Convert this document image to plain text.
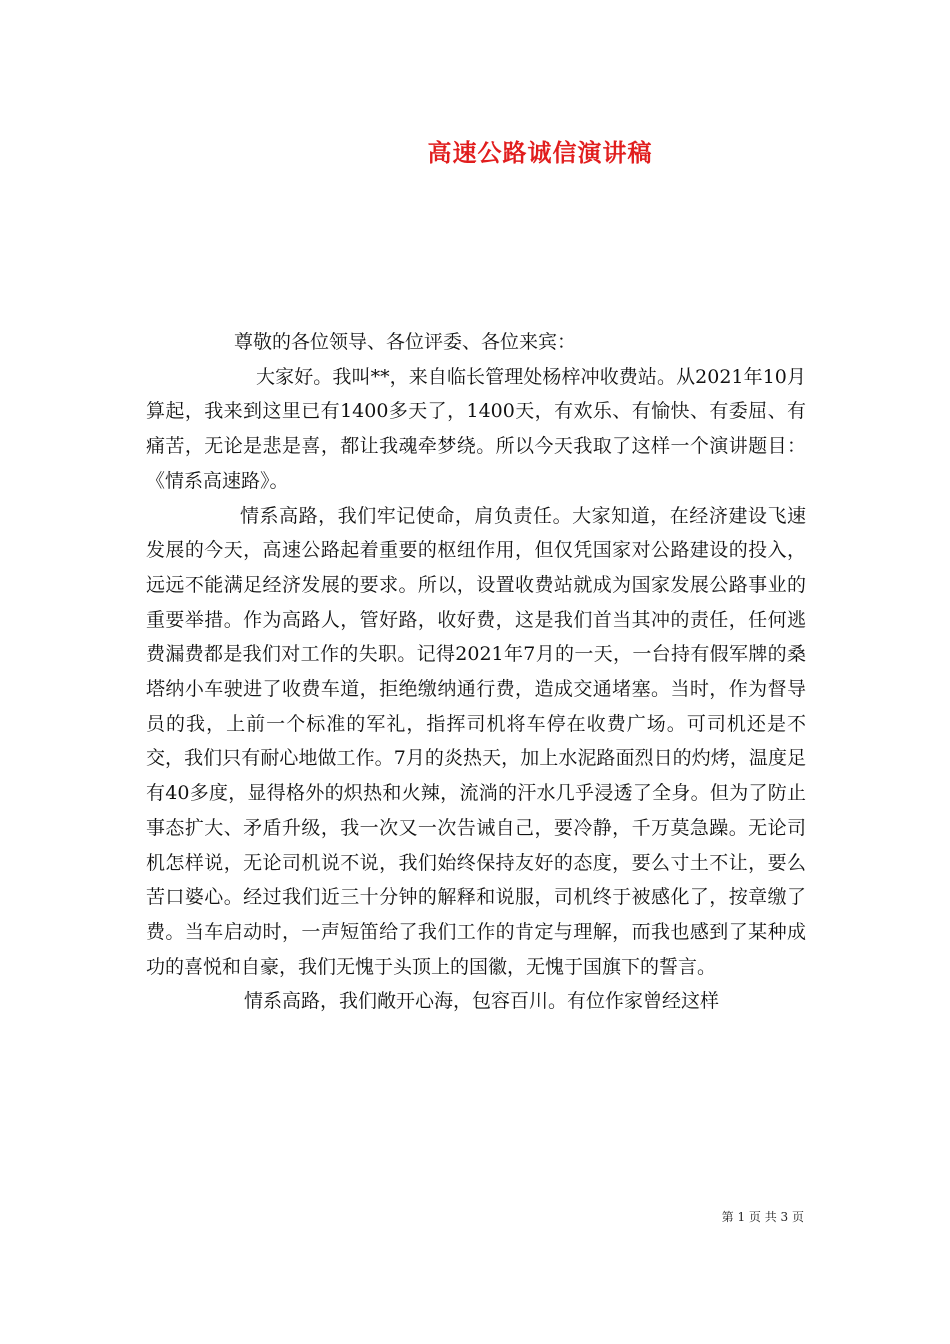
高速公路诚信演讲稿

尊敬的各位领导、各位评委、各位来宾：

大家好。我叫**，来自临长管理处杨梓冲收费站。从2021年10月算起，我来到这里已有1400多天了，1400天，有欢乐、有愉快、有委屈、有痛苦，无论是悲是喜，都让我魂牵梦绕。所以今天我取了这样一个演讲题目：《情系高速路》。

情系高路，我们牢记使命，肩负责任。大家知道，在经济建设飞速发展的今天，高速公路起着重要的枢纽作用，但仅凭国家对公路建设的投入，远远不能满足经济发展的要求。所以，设置收费站就成为国家发展公路事业的重要举措。作为高路人，管好路，收好费，这是我们首当其冲的责任，任何逃费漏费都是我们对工作的失职。记得2021年7月的一天，一台持有假军牌的桑塔纳小车驶进了收费车道，拒绝缴纳通行费，造成交通堵塞。当时，作为督导员的我，上前一个标准的军礼，指挥司机将车停在收费广场。可司机还是不交，我们只有耐心地做工作。7月的炎热天，加上水泥路面烈日的灼烤，温度足有40多度，显得格外的炽热和火辣，流淌的汗水几乎浸透了全身。但为了防止事态扩大、矛盾升级，我一次又一次告诫自己，要冷静，千万莫急躁。无论司机怎样说，无论司机说不说，我们始终保持友好的态度，要么寸土不让，要么苦口婆心。经过我们近三十分钟的解释和说服，司机终于被感化了，按章缴了费。当车启动时，一声短笛给了我们工作的肯定与理解，而我也感到了某种成功的喜悦和自豪，我们无愧于头顶上的国徽，无愧于国旗下的誓言。

情系高路，我们敞开心海，包容百川。有位作家曾经这样

第 1 页 共 3 页
